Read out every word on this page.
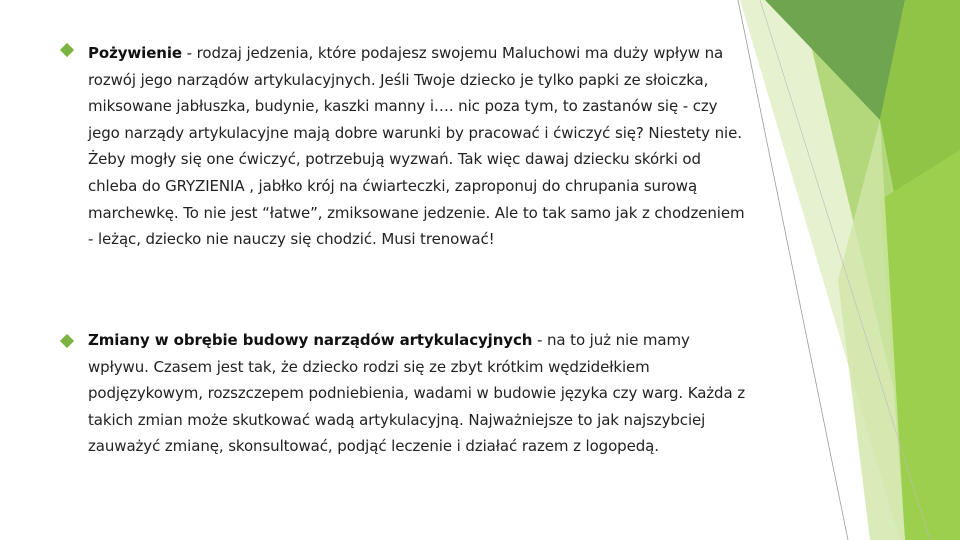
Pożywienie - rodzaj jedzenia, które podajesz swojemu Maluchowi ma duży wpływ na rozwój jego narządów artykulacyjnych. Jeśli Twoje dziecko je tylko papki ze słoiczka, miksowane jabłuszka, budynie, kaszki manny i…. nic poza tym, to zastanów się - czy jego narządy artykulacyjne mają dobre warunki by pracować i ćwiczyć się? Niestety nie. Żeby mogły się one ćwiczyć, potrzebują wyzwań. Tak więc dawaj dziecku skórki od chleba do GRYZIENIA , jabłko krój na ćwiarteczki, zaproponuj do chrupania surową marchewkę. To nie jest “łatwe”, zmiksowane jedzenie. Ale to tak samo jak z chodzeniem - leżąc, dziecko nie nauczy się chodzić. Musi trenować!
Zmiany w obrębie budowy narządów artykulacyjnych - na to już nie mamy wpływu. Czasem jest tak, że dziecko rodzi się ze zbyt krótkim wędzidełkiem podjęzykowym, rozszczepem podniebienia, wadami w budowie języka czy warg. Każda z takich zmian może skutkować wadą artykulacyjną. Najważniejsze to jak najszybciej zauważyć zmianę, skonsultować, podjąć leczenie i działać razem z logopedą.
